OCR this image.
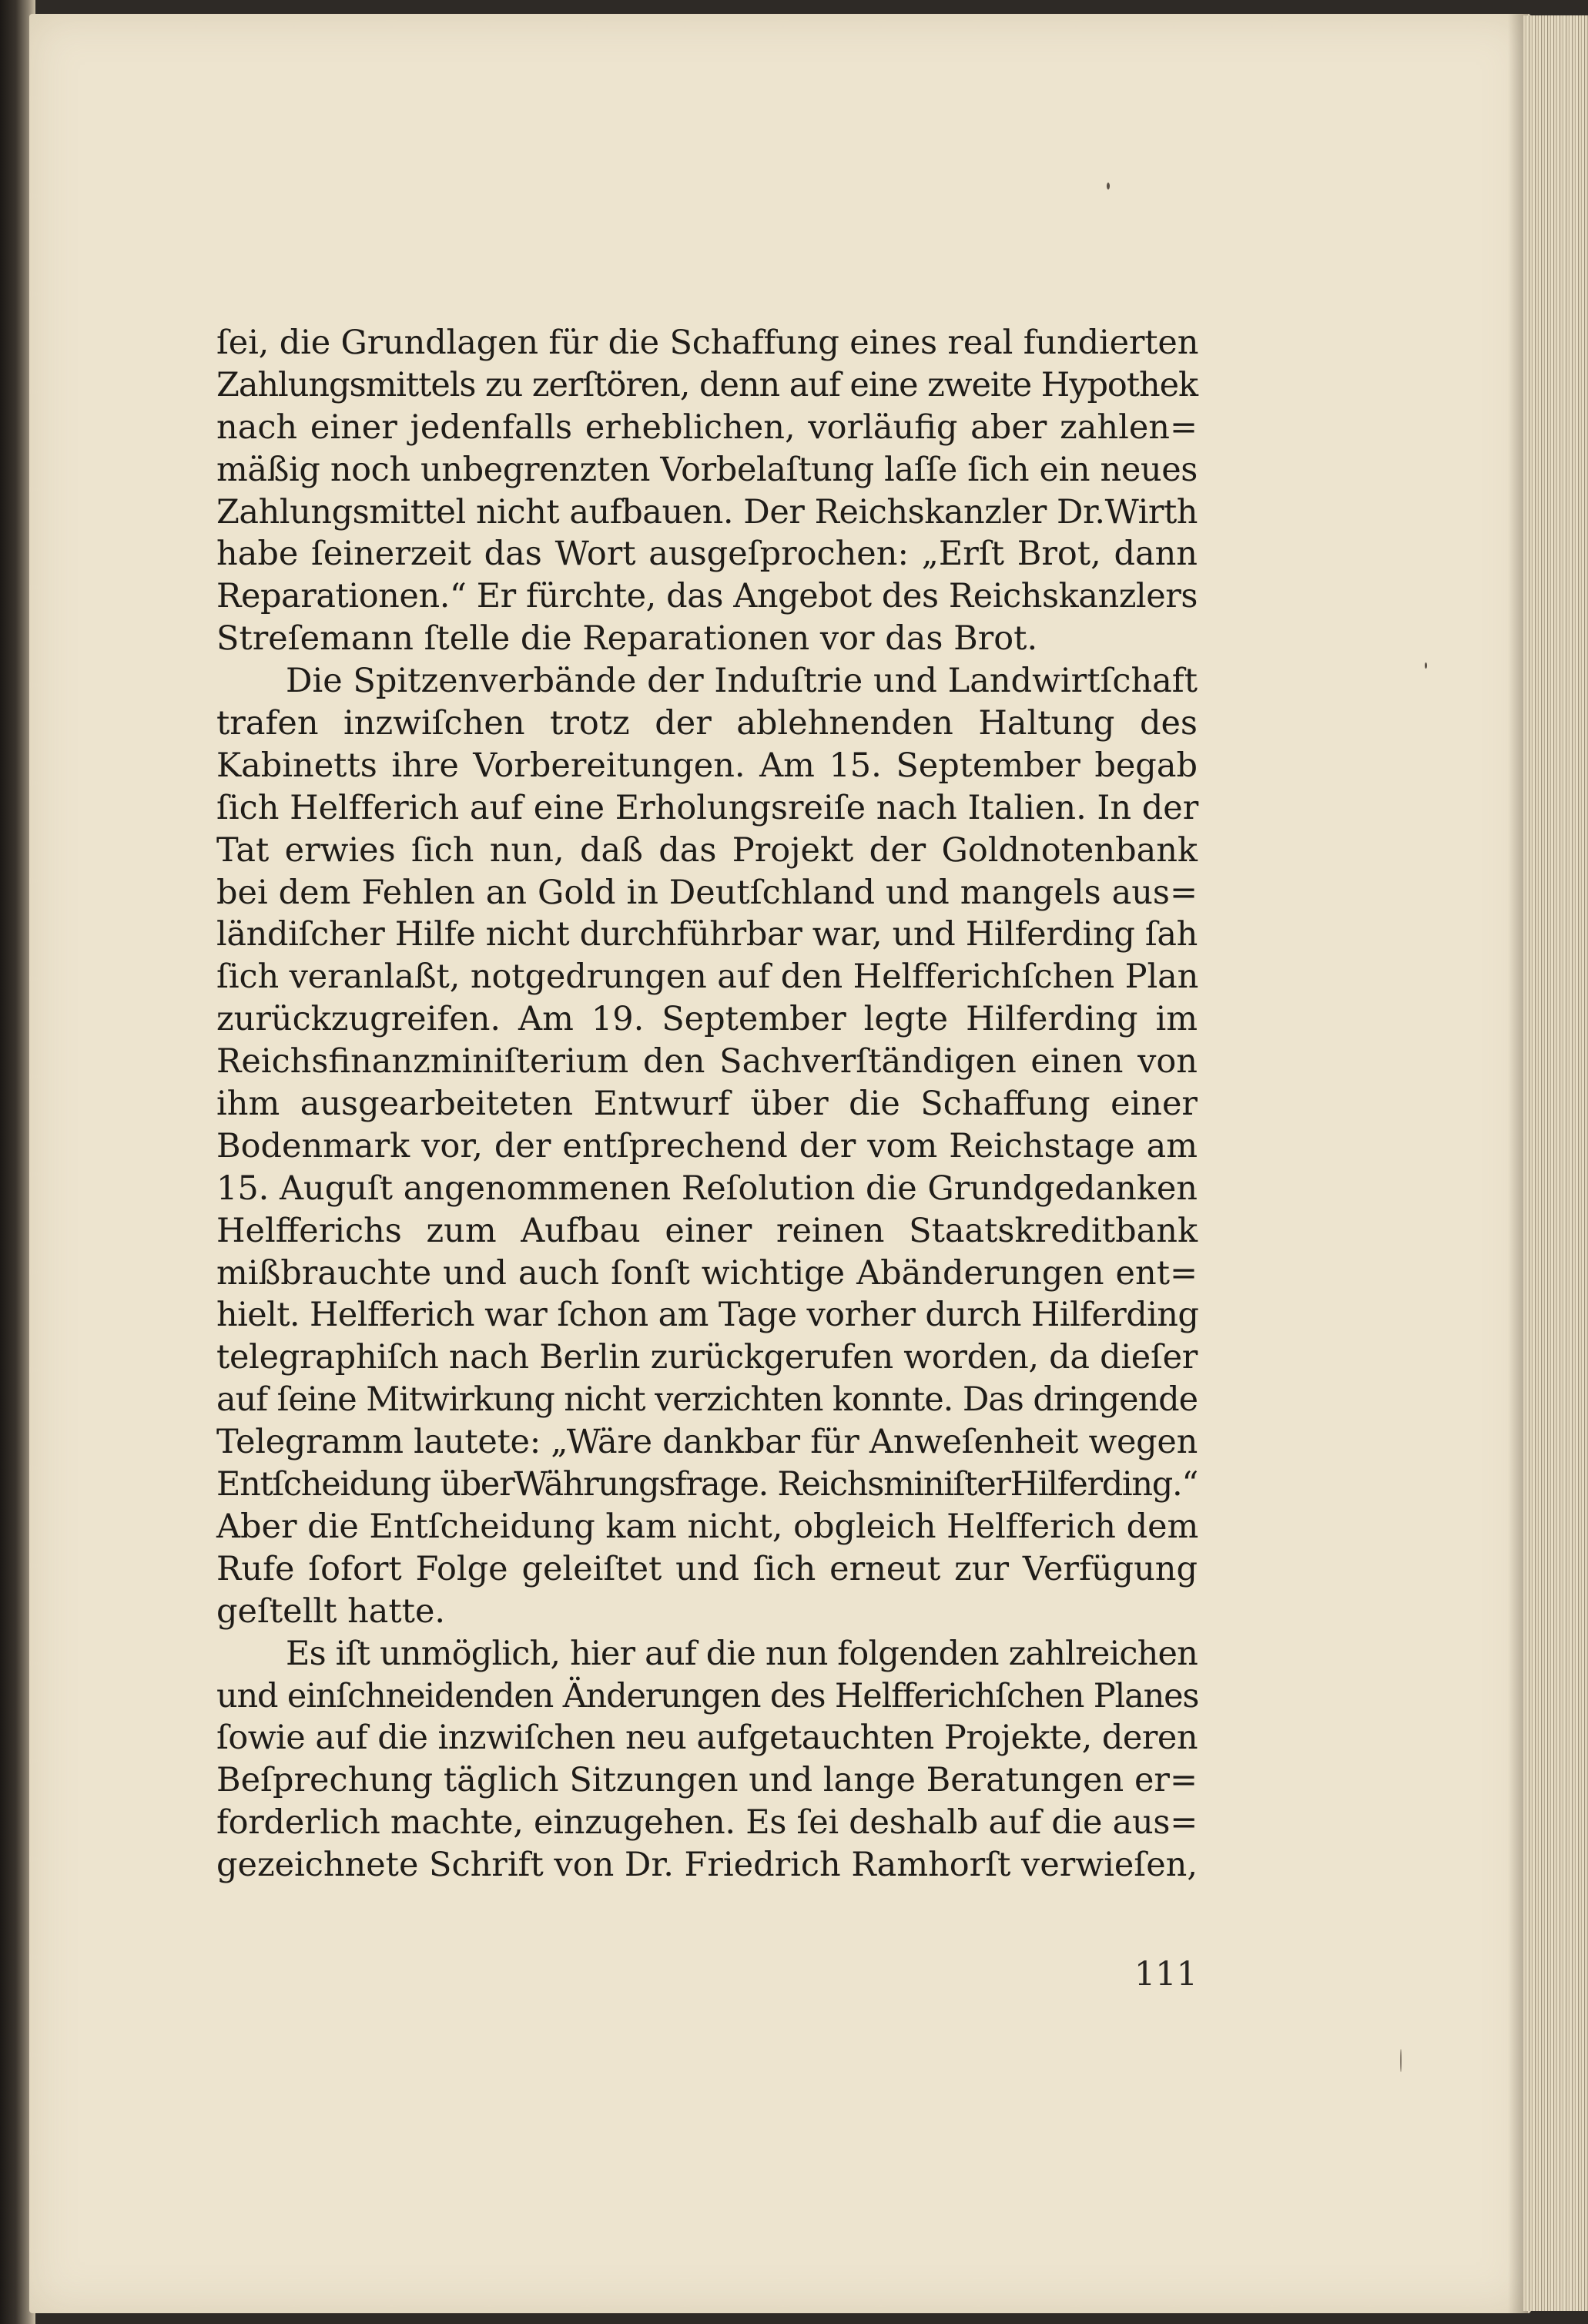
ſei, die Grundlagen für die Schaffung eines real fundierten
Zahlungsmittels zu zerſtören, denn auf eine zweite Hypothek
nach einer jedenfalls erheblichen, vorläufig aber zahlen=
mäßig noch unbegrenzten Vorbelaſtung laſſe ſich ein neues
Zahlungsmittel nicht aufbauen. Der Reichskanzler Dr.Wirth
habe ſeinerzeit das Wort ausgeſprochen: „Erſt Brot, dann
Reparationen.“ Er fürchte, das Angebot des Reichskanzlers
Streſemann ſtelle die Reparationen vor das Brot.
Die Spitzenverbände der Induſtrie und Landwirtſchaft
trafen inzwiſchen trotz der ablehnenden Haltung des
Kabinetts ihre Vorbereitungen. Am 15. September begab
ſich Helfferich auf eine Erholungsreiſe nach Italien. In der
Tat erwies ſich nun, daß das Projekt der Goldnotenbank
bei dem Fehlen an Gold in Deutſchland und mangels aus=
ländiſcher Hilfe nicht durchführbar war, und Hilferding ſah
ſich veranlaßt, notgedrungen auf den Helfferichſchen Plan
zurückzugreifen. Am 19. September legte Hilferding im
Reichsfinanzminiſterium den Sachverſtändigen einen von
ihm ausgearbeiteten Entwurf über die Schaffung einer
Bodenmark vor, der entſprechend der vom Reichstage am
15. Auguſt angenommenen Reſolution die Grundgedanken
Helfferichs zum Aufbau einer reinen Staatskreditbank
mißbrauchte und auch ſonſt wichtige Abänderungen ent=
hielt. Helfferich war ſchon am Tage vorher durch Hilferding
telegraphiſch nach Berlin zurückgerufen worden, da dieſer
auf ſeine Mitwirkung nicht verzichten konnte. Das dringende
Telegramm lautete: „Wäre dankbar für Anweſenheit wegen
Entſcheidung überWährungsfrage. ReichsminiſterHilferding.“
Aber die Entſcheidung kam nicht, obgleich Helfferich dem
Rufe ſofort Folge geleiſtet und ſich erneut zur Verfügung
geſtellt hatte.
Es iſt unmöglich, hier auf die nun folgenden zahlreichen
und einſchneidenden Änderungen des Helfferichſchen Planes
ſowie auf die inzwiſchen neu aufgetauchten Projekte, deren
Beſprechung täglich Sitzungen und lange Beratungen er=
forderlich machte, einzugehen. Es ſei deshalb auf die aus=
gezeichnete Schrift von Dr. Friedrich Ramhorſt verwieſen,
111
